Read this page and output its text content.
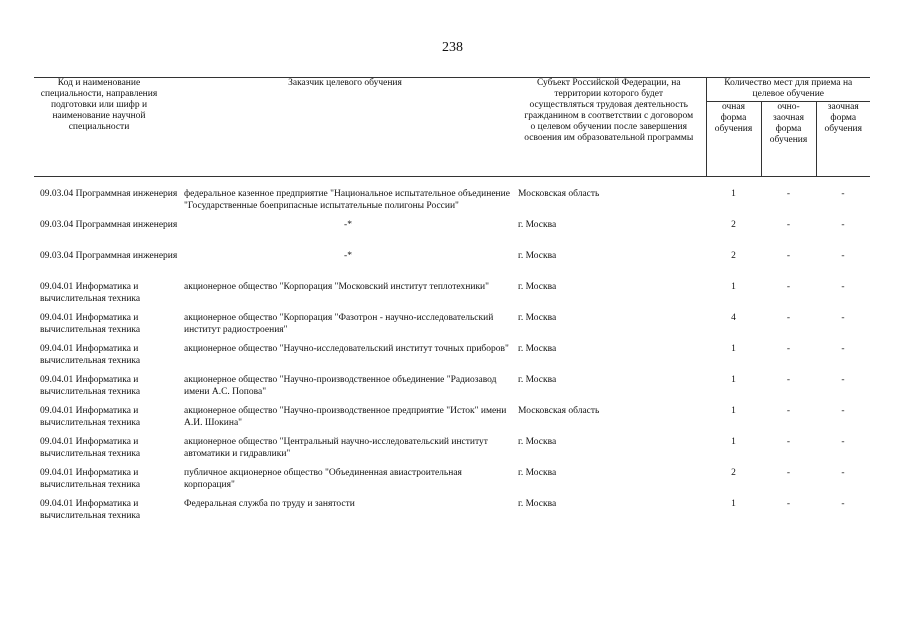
238
Код и наименование специальности, направления подготовки или шифр и наименование научной специальности	Заказчик целевого обучения	Субъект Российской Федерации, на территории которого будет осуществляться трудовая деятельность гражданином в соответствии с договором о целевом обучении после завершения освоения им образовательной программы	Количество мест для приема на целевое обучение		
			очная форма обучения	очно-заочная форма обучения	заочная форма обучения

09.03.04 Программная инженерия	федеральное казенное предприятие "Национальное испытательное объединение "Государственные боеприпасные испытательные полигоны России"	Московская область	1	-	-
09.03.04 Программная инженерия	-*	г. Москва	2	-	-
09.03.04 Программная инженерия	-*	г. Москва	2	-	-
09.04.01 Информатика и вычислительная техника	акционерное общество "Корпорация "Московский институт теплотехники"	г. Москва	1	-	-
09.04.01 Информатика и вычислительная техника	акционерное общество "Корпорация "Фазотрон - научно-исследовательский институт радиостроения"	г. Москва	4	-	-
09.04.01 Информатика и вычислительная техника	акционерное общество "Научно-исследовательский институт точных приборов"	г. Москва	1	-	-
09.04.01 Информатика и вычислительная техника	акционерное общество "Научно-производственное объединение "Радиозавод имени А.С. Попова"	г. Москва	1	-	-
09.04.01 Информатика и вычислительная техника	акционерное общество "Научно-производственное предприятие "Исток" имени А.И. Шокина"	Московская область	1	-	-
09.04.01 Информатика и вычислительная техника	акционерное общество "Центральный научно-исследовательский институт автоматики и гидравлики"	г. Москва	1	-	-
09.04.01 Информатика и вычислительная техника	публичное акционерное общество "Объединенная авиастроительная корпорация"	г. Москва	2	-	-
09.04.01 Информатика и вычислительная техника	Федеральная служба по труду и занятости	г. Москва	1	-	-
